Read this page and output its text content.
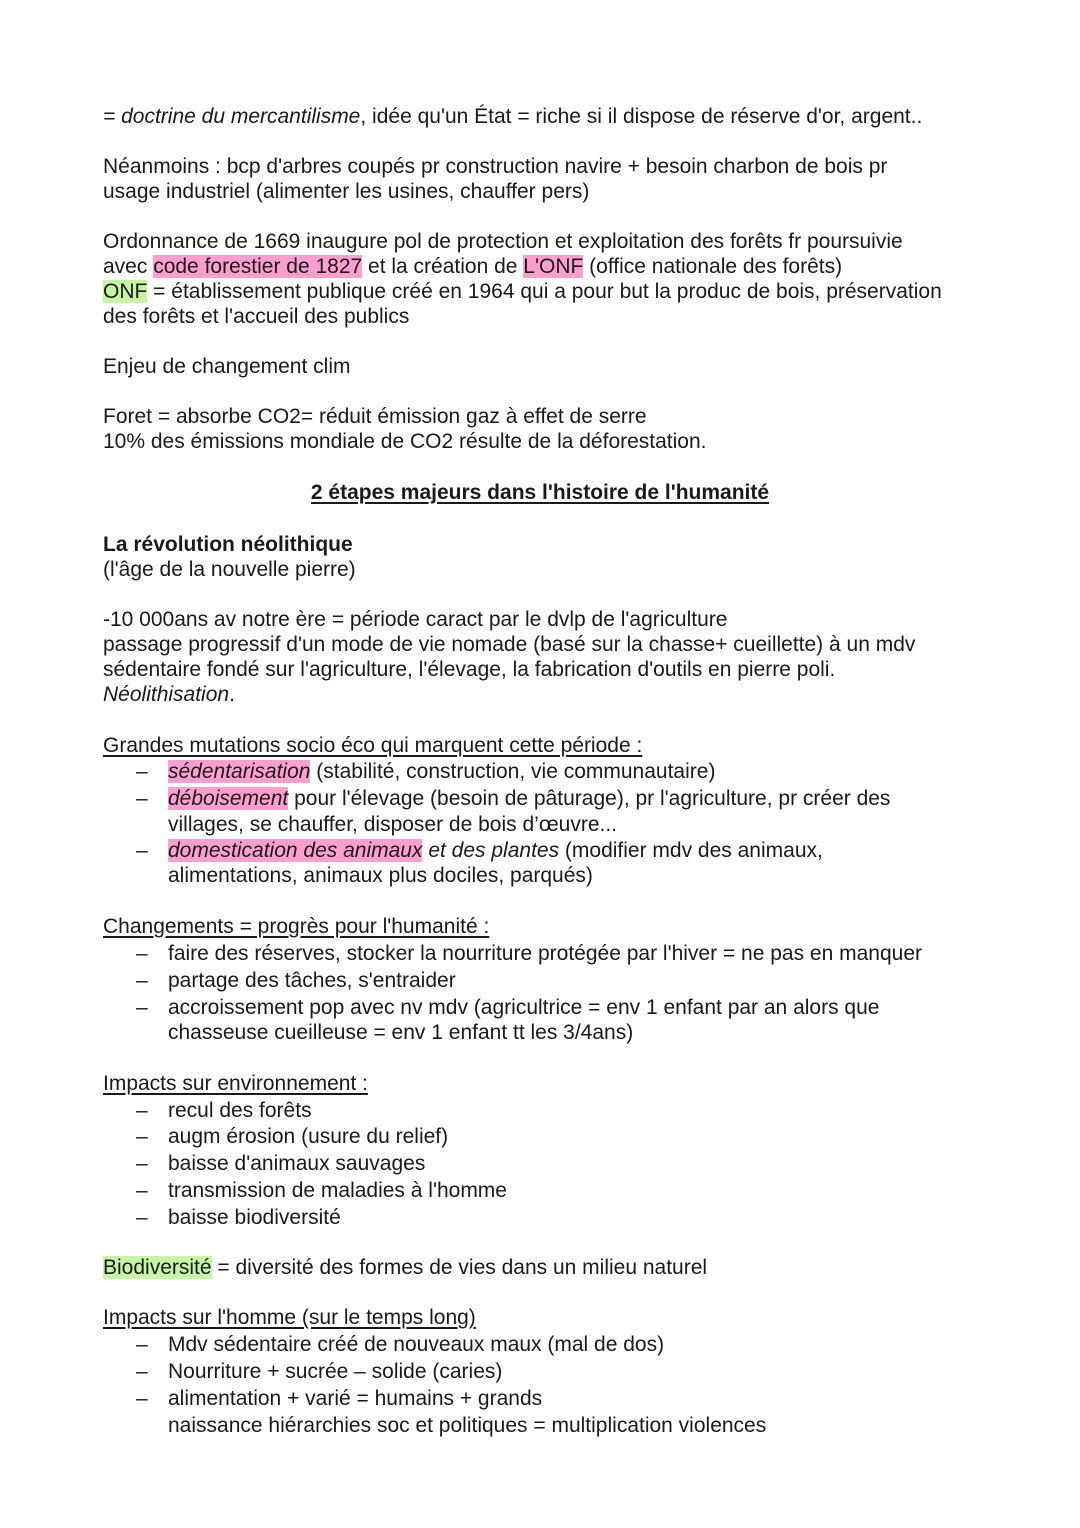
= doctrine du mercantilisme, idée qu'un État = riche si il dispose de réserve d'or, argent..

Néanmoins : bcp d'arbres coupés pr construction navire + besoin charbon de bois pr

usage industriel (alimenter les usines, chauffer pers)

Ordonnance de 1669 inaugure pol de protection et exploitation des forêts fr poursuivie

avec code forestier de 1827 et la création de L'ONF (office nationale des forêts)

ONF = établissement publique créé en 1964 qui a pour but la produc de bois, préservation

des forêts et l'accueil des publics

Enjeu de changement clim

Foret = absorbe CO2= réduit émission gaz à effet de serre

10% des émissions mondiale de CO2 résulte de la déforestation.

2 étapes majeurs dans l'histoire de l'humanité

La révolution néolithique

(l'âge de la nouvelle pierre)

-10 000ans av notre ère = période caract par le dvlp de l'agriculture

passage progressif d'un mode de vie nomade (basé sur la chasse+ cueillette) à un mdv

sédentaire fondé sur l'agriculture, l'élevage, la fabrication d'outils en pierre poli.

Néolithisation.

Grandes mutations socio éco qui marquent cette période :

– sédentarisation (stabilité, construction, vie communautaire)

– déboisement pour l'élevage (besoin de pâturage), pr l'agriculture, pr créer des

villages, se chauffer, disposer de bois d’œuvre...

– domestication des animaux et des plantes (modifier mdv des animaux,

alimentations, animaux plus dociles, parqués)

Changements = progrès pour l'humanité :

– faire des réserves, stocker la nourriture protégée par l'hiver = ne pas en manquer

– partage des tâches, s'entraider

– accroissement pop avec nv mdv (agricultrice = env 1 enfant par an alors que

chasseuse cueilleuse = env 1 enfant tt les 3/4ans)

Impacts sur environnement :

– recul des forêts

– augm érosion (usure du relief)

– baisse d'animaux sauvages

– transmission de maladies à l'homme

– baisse biodiversité

Biodiversité = diversité des formes de vies dans un milieu naturel

Impacts sur l'homme (sur le temps long)

– Mdv sédentaire créé de nouveaux maux (mal de dos)

– Nourriture + sucrée – solide (caries)

– alimentation + varié = humains + grands

naissance hiérarchies soc et politiques = multiplication violences
